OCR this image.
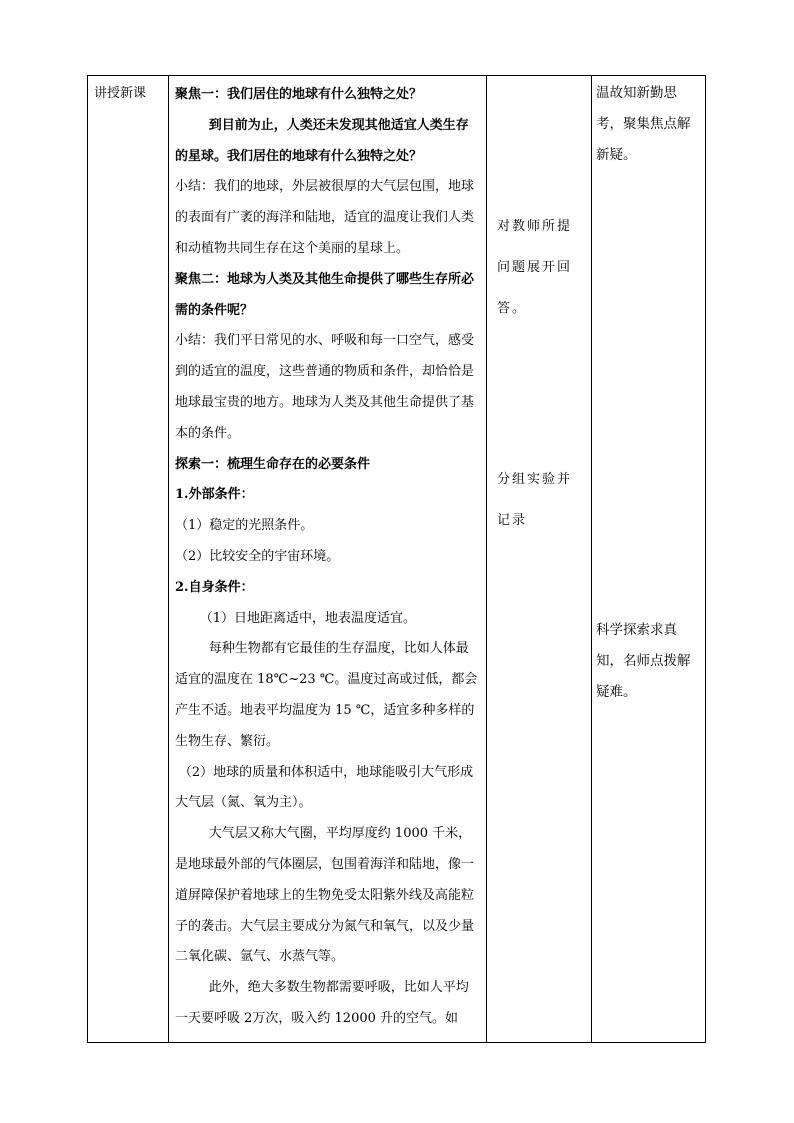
讲授新课	聚焦一：我们居住的地球有什么独特之处？

到目前为止，人类还未发现其他适宜人类生存的星球。我们居住的地球有什么独特之处？

小结：我们的地球，外层被很厚的大气层包围，地球的表面有广袤的海洋和陆地，适宜的温度让我们人类和动植物共同生存在这个美丽的星球上。

聚焦二：地球为人类及其他生命提供了哪些生存所必需的条件呢？

小结：我们平日常见的水、呼吸和每一口空气，感受到的适宜的温度，这些普通的物质和条件，却恰恰是地球最宝贵的地方。地球为人类及其他生命提供了基本的条件。

探索一：梳理生命存在的必要条件

1.外部条件：

（1）稳定的光照条件。

（2）比较安全的宇宙环境。

2.自身条件：

（1）日地距离适中，地表温度适宜。

每种生物都有它最佳的生存温度，比如人体最适宜的温度在 18℃~23 ℃。温度过高或过低，都会产生不适。地表平均温度为 15 ℃，适宜多种多样的生物生存、繁衍。

（2）地球的质量和体积适中，地球能吸引大气形成大气层（氮、氧为主）。

大气层又称大气圈，平均厚度约 1000 千米，是地球最外部的气体圈层，包围着海洋和陆地，像一道屏障保护着地球上的生物免受太阳紫外线及高能粒子的袭击。大气层主要成分为氮气和氧气，以及少量二氧化碳、氩气、水蒸气等。

此外，绝大多数生物都需要呼吸，比如人平均一天要呼吸 2万次，吸入约 12000 升的空气。如

对教师所提问题展开回答。

分组实验并记录

温故知新勤思考，聚集焦点解新疑。

科学探索求真知，名师点拨解疑难。
